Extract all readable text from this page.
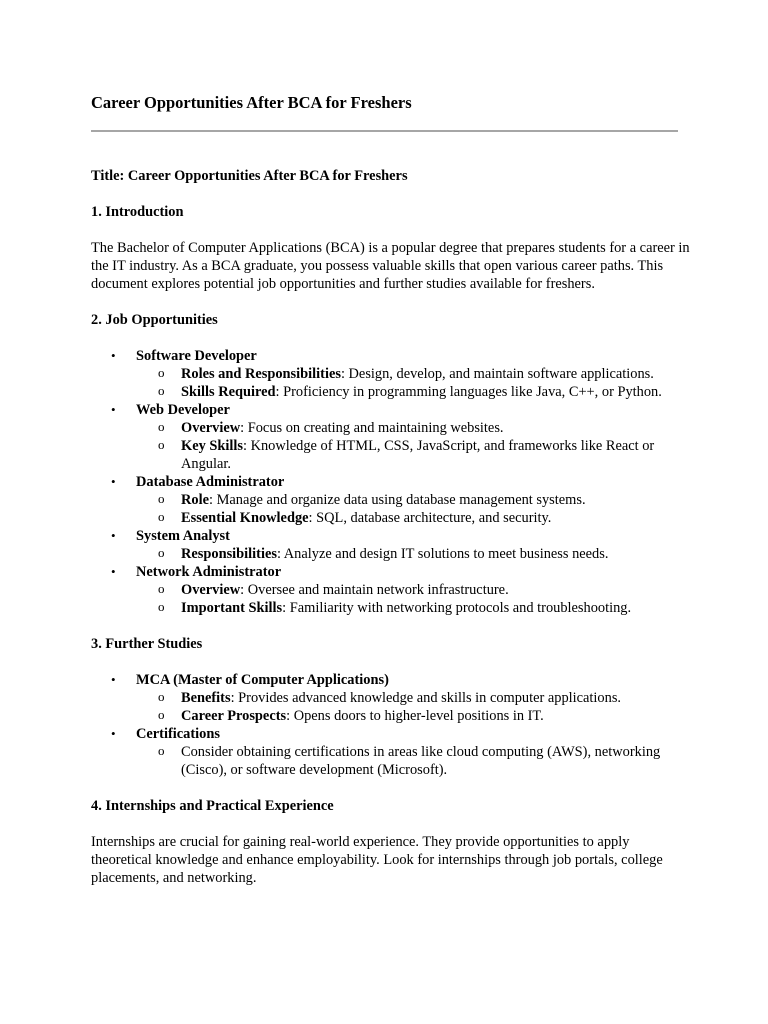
Career Opportunities After BCA for Freshers

Title: Career Opportunities After BCA for Freshers

1. Introduction

The Bachelor of Computer Applications (BCA) is a popular degree that prepares students for a career in the IT industry. As a BCA graduate, you possess valuable skills that open various career paths. This document explores potential job opportunities and further studies available for freshers.

2. Job Opportunities
• Software Developer
o Roles and Responsibilities: Design, develop, and maintain software applications.
o Skills Required: Proficiency in programming languages like Java, C++, or Python.
• Web Developer
o Overview: Focus on creating and maintaining websites.
o Key Skills: Knowledge of HTML, CSS, JavaScript, and frameworks like React or Angular.
• Database Administrator
o Role: Manage and organize data using database management systems.
o Essential Knowledge: SQL, database architecture, and security.
• System Analyst
o Responsibilities: Analyze and design IT solutions to meet business needs.
• Network Administrator
o Overview: Oversee and maintain network infrastructure.
o Important Skills: Familiarity with networking protocols and troubleshooting.
3. Further Studies
• MCA (Master of Computer Applications)
o Benefits: Provides advanced knowledge and skills in computer applications.
o Career Prospects: Opens doors to higher-level positions in IT.
• Certifications
o Consider obtaining certifications in areas like cloud computing (AWS), networking (Cisco), or software development (Microsoft).
4. Internships and Practical Experience

Internships are crucial for gaining real-world experience. They provide opportunities to apply theoretical knowledge and enhance employability. Look for internships through job portals, college placements, and networking.
